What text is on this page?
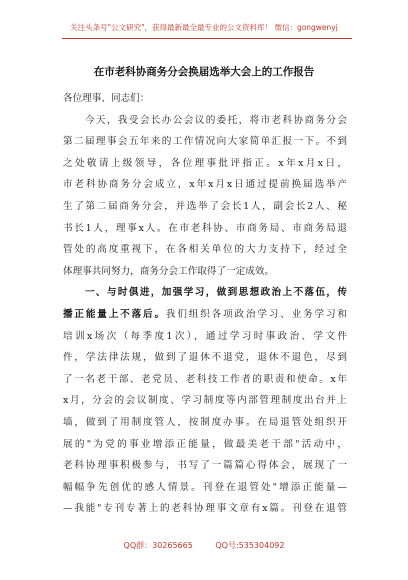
关注头条号"公文研究"，获得最新最全最专业的公文资料库！ 微信：gongwenyj
在市老科协商务分会换届选举大会上的工作报告
各位理事、同志们：
　　今天，我受会长办公会议的委托，将市老科协商务分会
第二届理事会五年来的工作情况向大家简单汇报一下。不到
之处敬请上级领导，各位理事批评指正。x年x月x日，
市老科协商务分会成立，x年x月x日通过提前换届选举产
生了第二届商务分会，并选举了会长1人，副会长2人、秘
书长1人，理事x人。在市老科协、市商务局、市商务局退
管处的高度重视下，在各相关单位的大力支持下，经过全
体理事共同努力，商务分会工作取得了一定成效。
　　一、与时俱进，加强学习，做到思想政治上不落伍，传
播正能量上不落后。我们组织各项政治学习、业务学习和
培训x场次（每季度1次），通过学习时事政治、学文件
件，学法律法规，做到了退休不退党，退休不退色，尽到
了一名老干部、老党员、老科技工作者的职责和使命。x年
x月，分会的会议制度、学习制度等内部管理制度出台并上
墙，做到了用制度管人，按制度办事。在局退管处组织开
展的"为党的事业增添正能量，做最美老干部"活动中，
老科协理事积极参与，书写了一篇篇心得体会，展现了一
幅幅争先创优的感人情景。刊登在退管处"增添正能量—
—我能"专刊专著上的老科协理事文章有x篇。刊登在退管
QQ群：30265665	QQ号:535304092
